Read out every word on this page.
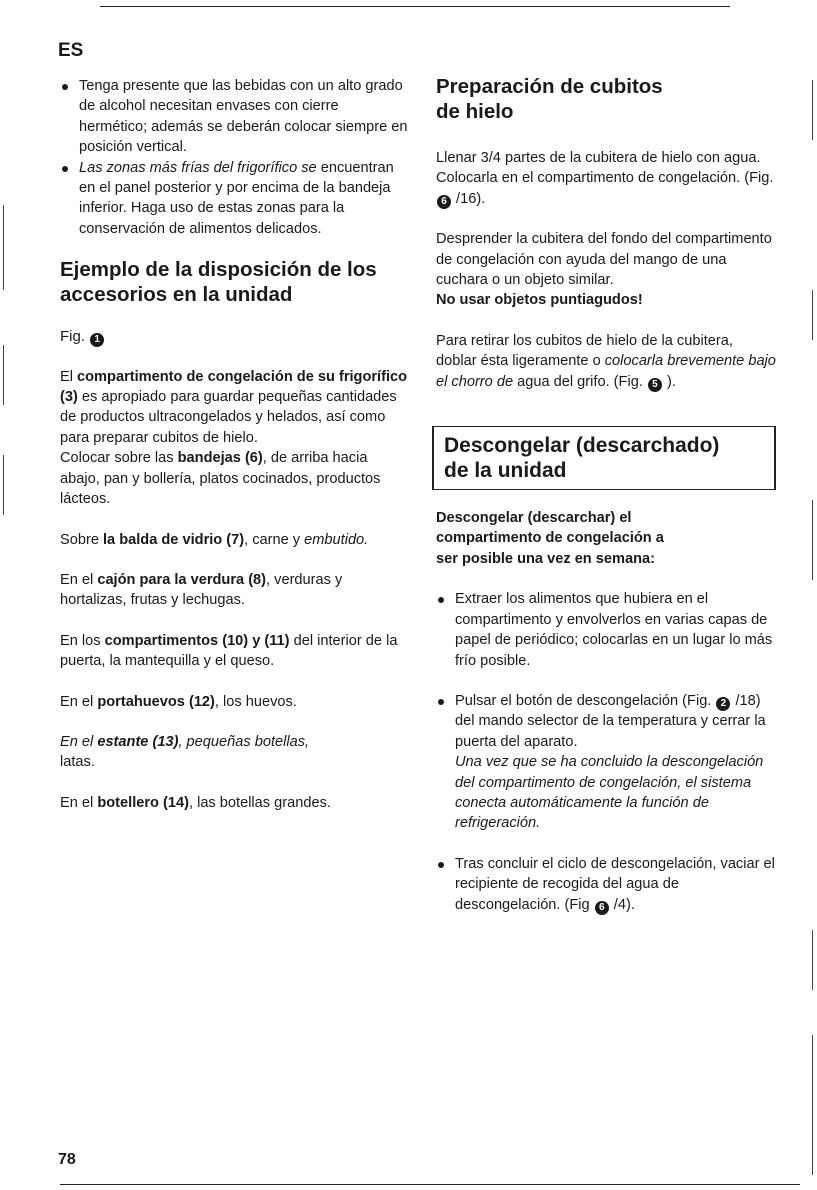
ES
Tenga presente que las bebidas con un alto grado de alcohol necesitan envases con cierre hermético; además se deberán colocar siempre en posición vertical.
Las zonas más frías del frigorífico se encuentran en el panel posterior y por encima de la bandeja inferior. Haga uso de estas zonas para la conservación de alimentos delicados.
Ejemplo de la disposición de los
accesorios en la unidad

Fig. 1

El compartimento de congelación de su frigorífico (3) es apropiado para guardar pequeñas cantidades de productos ultracongelados y helados, así como para preparar cubitos de hielo.
Colocar sobre las bandejas (6), de arriba hacia abajo, pan y bollería, platos cocinados, productos lácteos.

Sobre la balda de vidrio (7), carne y embutido.

En el cajón para la verdura (8), verduras y hortalizas, frutas y lechugas.

En los compartimentos (10) y (11) del interior de la puerta, la mantequilla y el queso.

En el portahuevos (12), los huevos.

En el estante (13), pequeñas botellas,
latas.

En el botellero (14), las botellas grandes.

Preparación de cubitos
de hielo

Llenar 3/4 partes de la cubitera de hielo con agua. Colocarla en el compartimento de congelación. (Fig. 6 /16).

Desprender la cubitera del fondo del compartimento de congelación con ayuda del mango de una cuchara o un objeto similar.
No usar objetos puntiagudos!

Para retirar los cubitos de hielo de la cubitera, doblar ésta ligeramente o colocarla brevemente bajo el chorro de agua del grifo. (Fig. 5 ).

Descongelar (descarchado)
de la unidad

Descongelar (descarchar) el
compartimento de congelación a
ser posible una vez en semana:

Extraer los alimentos que hubiera en el compartimento y envolverlos en varias capas de papel de periódico; colocarlas en un lugar lo más frío posible.
Pulsar el botón de descongelación (Fig. 2 /18) del mando selector de la temperatura y cerrar la puerta del aparato.
Una vez que se ha concluido la descongelación del compartimento de congelación, el sistema conecta automáticamente la función de refrigeración.
Tras concluir el ciclo de descongelación, vaciar el recipiente de recogida del agua de descongelación. (Fig 6 /4).
78
